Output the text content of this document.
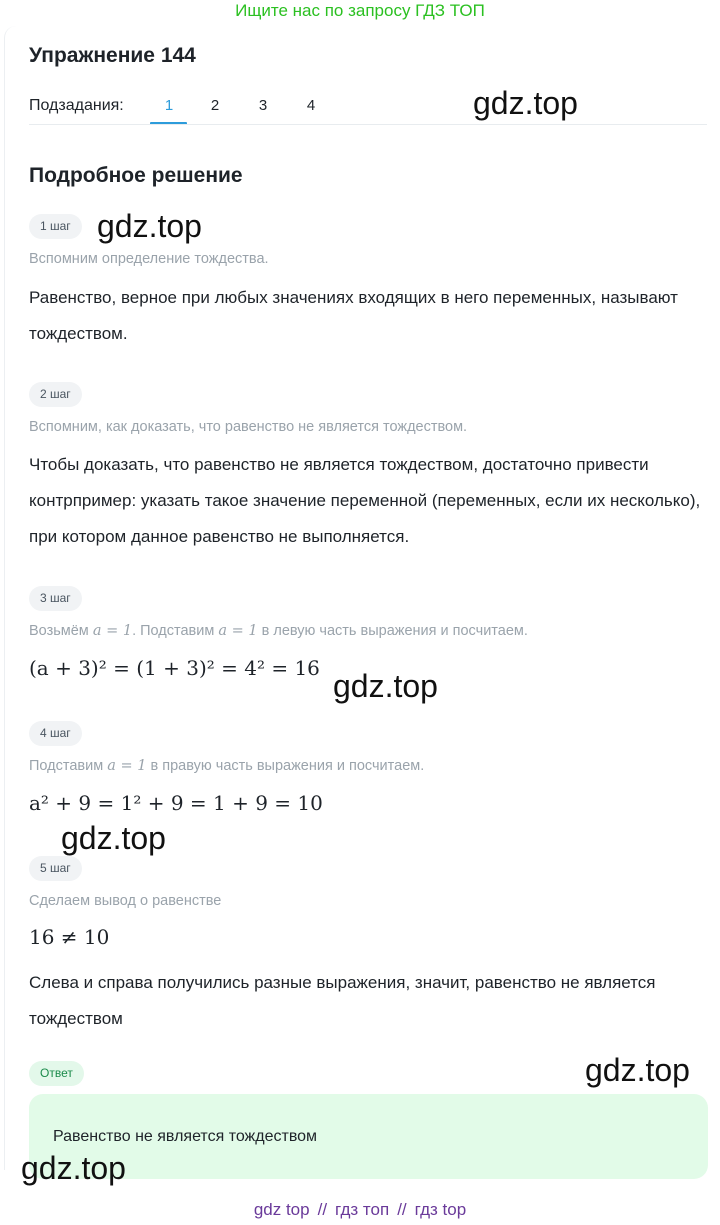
Ищите нас по запросу ГДЗ ТОП
Упражнение 144
Подзадания:	1	2	3	4
Подробное решение
1 шаг
Вспомним определение тождества.
Равенство, верное при любых значениях входящих в него переменных, называют тождеством.
2 шаг
Вспомним, как доказать, что равенство не является тождеством.
Чтобы доказать, что равенство не является тождеством, достаточно привести контрпример: указать такое значение переменной (переменных, если их несколько), при котором данное равенство не выполняется.
3 шаг
Возьмём a = 1. Подставим a = 1 в левую часть выражения и посчитаем.
(a + 3)² = (1 + 3)² = 4² = 16
4 шаг
Подставим a = 1 в правую часть выражения и посчитаем.
a² + 9 = 1² + 9 = 1 + 9 = 10
5 шаг
Сделаем вывод о равенстве
16 ≠ 10
Слева и справа получились разные выражения, значит, равенство не является тождеством
Ответ
Равенство не является тождеством
gdz.top
gdz.top
gdz.top
gdz.top
gdz.top
gdz.top
gdz top // гдз топ // гдз top
